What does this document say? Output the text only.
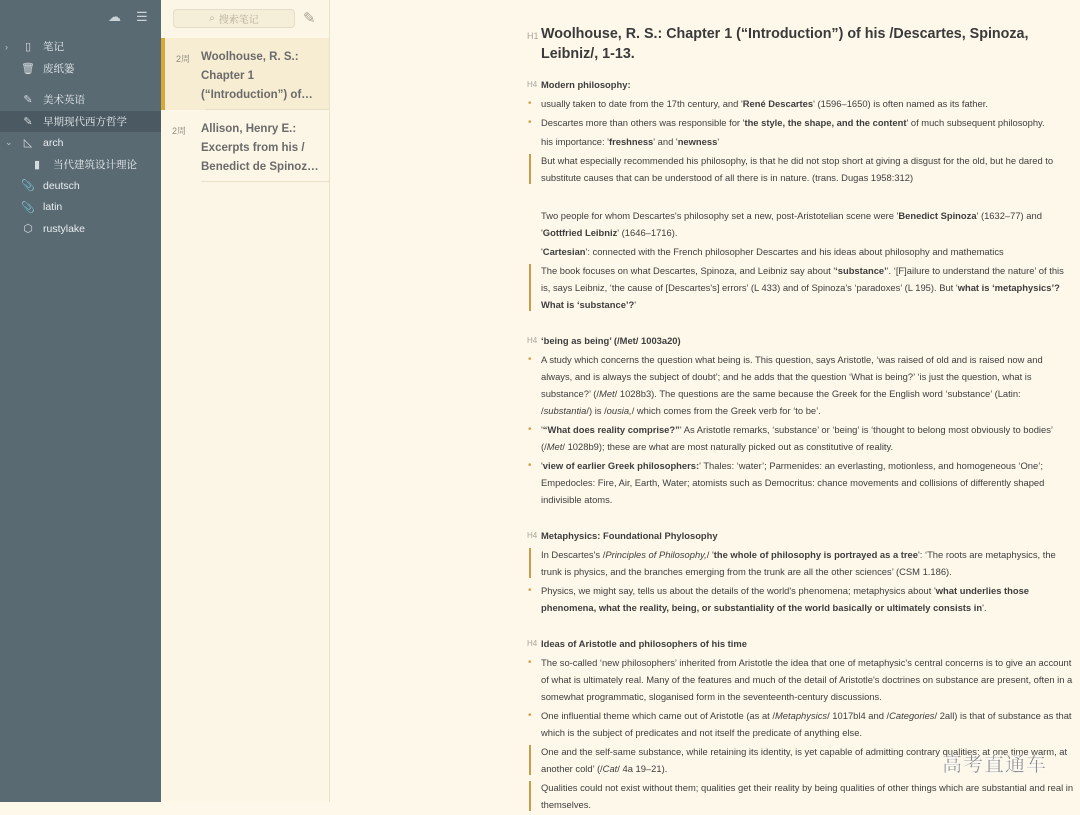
☁ ☰
›	▯	笔记
🗑 废纸篓
✎ 美术英语
✎ 早期现代西方哲学
⌄ ◺ arch
▮	当代建筑设计理论
📎 deutsch
📎 latin
⬡ rustylake
⌕ 搜索笔记	✎
2周 Woolhouse, R. S.:
Chapter 1
(“Introduction”) of…
2周 Allison, Henry E.:
Excerpts from his /
Benedict de Spinoz…
H1 Woolhouse, R. S.: Chapter 1 (“Introduction”) of his /Descartes, Spinoza, Leibniz/, 1-13.
H4 Modern philosophy:
• usually taken to date from the 17th century, and 'René Descartes' (1596–1650) is often named as its father.
• Descartes more than others was responsible for 'the style, the shape, and the content' of much subsequent philosophy.
his importance: 'freshness' and 'newness'
But what especially recommended his philosophy, is that he did not stop short at giving a disgust for the old, but he dared to substitute causes that can be understood of all there is in nature. (trans. Dugas 1958:312)
Two people for whom Descartes's philosophy set a new, post-Aristotelian scene were 'Benedict Spinoza' (1632–77) and 'Gottfried Leibniz' (1646–1716).
'Cartesian': connected with the French philosopher Descartes and his ideas about philosophy and mathematics
The book focuses on what Descartes, Spinoza, and Leibniz say about '‘substance’'. ‘[F]ailure to understand the nature’ of this is, says Leibniz, ‘the cause of [Descartes's] errors’ (L 433) and of Spinoza's ‘paradoxes’ (L 195). But 'what is ‘metaphysics’? What is ‘substance’?'
H4 ‘being as being’ (/Met/ 1003a20)
• A study which concerns the question what being is. This question, says Aristotle, ‘was raised of old and is raised now and always, and is always the subject of doubt’; and he adds that the question ‘What is being?’ ‘is just the question, what is substance?’ (/Met/ 1028b3). The questions are the same because the Greek for the English word ‘substance’ (Latin: /substantia/) is /ousia,/ which comes from the Greek verb for ‘to be’.
• '“What does reality comprise?”' As Aristotle remarks, ‘substance’ or ‘being’ is ‘thought to belong most obviously to bodies’ (/Met/ 1028b9); these are what are most naturally picked out as constitutive of reality.
• 'view of earlier Greek philosophers:' Thales: ‘water’; Parmenides: an everlasting, motionless, and homogeneous ‘One’; Empedocles: Fire, Air, Earth, Water; atomists such as Democritus: chance movements and collisions of differently shaped indivisible atoms.
H4 Metaphysics: Foundational Phylosophy
In Descartes's /Principles of Philosophy,/ 'the whole of philosophy is portrayed as a tree': ‘The roots are metaphysics, the trunk is physics, and the branches emerging from the trunk are all the other sciences’ (CSM 1.186).
• Physics, we might say, tells us about the details of the world's phenomena; metaphysics about 'what underlies those phenomena, what the reality, being, or substantiality of the world basically or ultimately consists in'.
H4 Ideas of Aristotle and philosophers of his time
• The so-called ‘new philosophers’ inherited from Aristotle the idea that one of metaphysic's central concerns is to give an account of what is ultimately real. Many of the features and much of the detail of Aristotle's doctrines on substance are present, often in a somewhat programmatic, sloganised form in the seventeenth-century discussions.
• One influential theme which came out of Aristotle (as at /Metaphysics/ 1017bl4 and /Categories/ 2all) is that of substance as that which is the subject of predicates and not itself the predicate of anything else.
One and the self-same substance, while retaining its identity, is yet capable of admitting contrary qualities: at one time warm, at another cold’ (/Cat/ 4a 19–21).
Qualities could not exist without them; qualities get their reality by being qualities of other things which are substantial and real in themselves.
高考直通车
